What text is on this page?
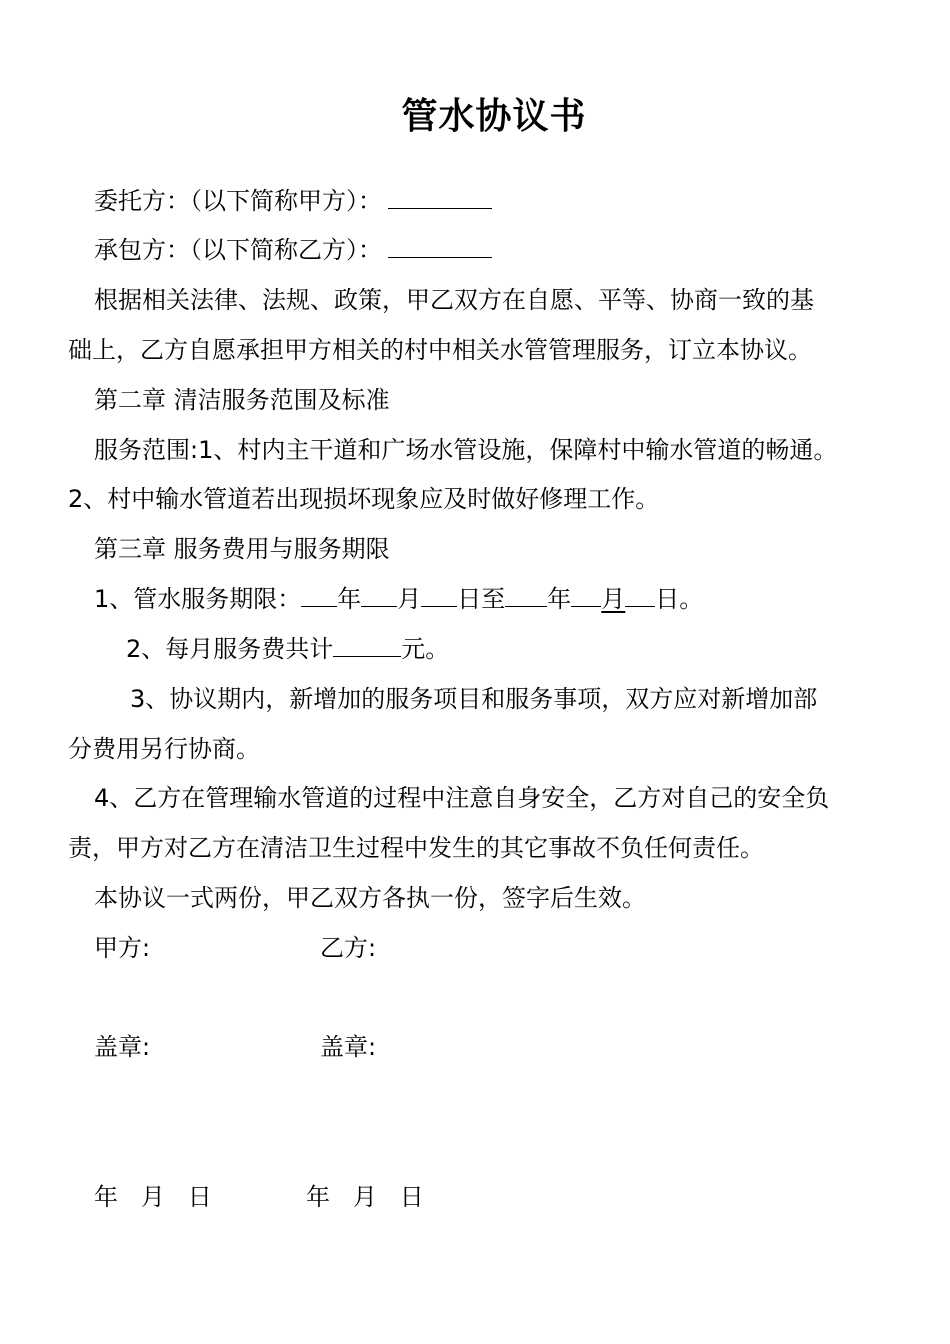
管水协议书
委托方：（以下简称甲方）：
承包方：（以下简称乙方）：
根据相关法律、法规、政策，甲乙双方在自愿、平等、协商一致的基
础上，乙方自愿承担甲方相关的村中相关水管管理服务，订立本协议。
第二章 清洁服务范围及标准
服务范围:1、村内主干道和广场水管设施，保障村中输水管道的畅通。
2、村中输水管道若出现损坏现象应及时做好修理工作。
第三章 服务费用与服务期限
1、管水服务期限： 年 月 日至 年 月 日。
2、每月服务费共计	元。
3、协议期内，新增加的服务项目和服务事项，双方应对新增加部
分费用另行协商。
4、乙方在管理输水管道的过程中注意自身安全，乙方对自己的安全负
责，甲方对乙方在清洁卫生过程中发生的其它事故不负任何责任。
本协议一式两份，甲乙双方各执一份，签字后生效。
甲方:	乙方:
盖章:	盖章:
年   月   日	年   月   日
